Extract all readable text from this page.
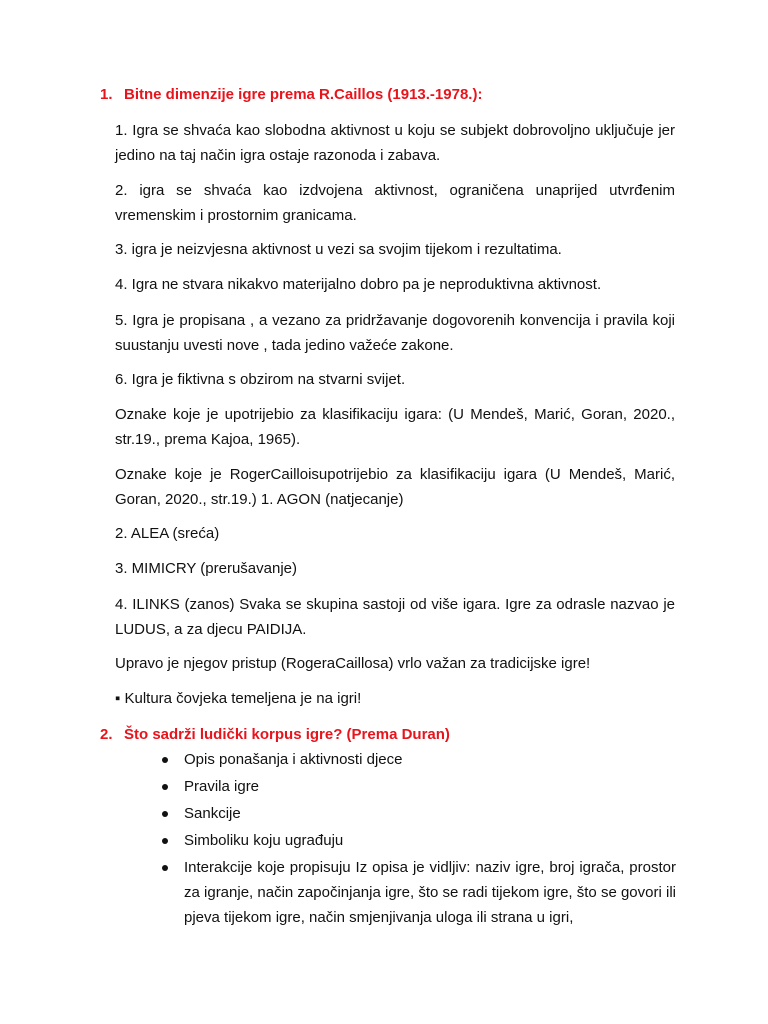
1. Bitne dimenzije igre prema R.Caillos (1913.-1978.):
1. Igra se shvaća kao slobodna aktivnost u koju se subjekt dobrovoljno uključuje jer jedino na taj način igra ostaje razonoda i zabava.
2. igra se shvaća kao izdvojena aktivnost, ograničena unaprijed utvrđenim vremenskim i prostornim granicama.
3. igra je neizvjesna aktivnost u vezi sa svojim tijekom i rezultatima.
4. Igra ne stvara nikakvo materijalno dobro pa je neproduktivna aktivnost.
5. Igra je propisana , a vezano za pridržavanje dogovorenih konvencija i pravila koji suustanju uvesti nove , tada jedino važeće zakone.
6. Igra je fiktivna s obzirom na stvarni svijet.
Oznake koje je upotrijebio za klasifikaciju igara: (U Mendeš, Marić, Goran, 2020., str.19., prema Kajoa, 1965).
Oznake koje je RogerCailloisupotrijebio za klasifikaciju igara (U Mendeš, Marić, Goran, 2020., str.19.) 1. AGON (natjecanje)
2. ALEA (sreća)
3. MIMICRY (prerušavanje)
4. ILINKS (zanos) Svaka se skupina sastoji od više igara. Igre za odrasle nazvao je LUDUS, a za djecu PAIDIJA.
Upravo je njegov pristup (RogeraCaillosa) vrlo važan za tradicijske igre!
▪ Kultura čovjeka temeljena je na igri!
2. Što sadrži ludički korpus igre? (Prema Duran)
Opis ponašanja i aktivnosti djece
Pravila igre
Sankcije
Simboliku koju ugrađuju
Interakcije koje propisuju Iz opisa je vidljiv: naziv igre, broj igrača, prostor za igranje, način započinjanja igre, što se radi tijekom igre, što se govori ili pjeva tijekom igre, način smjenjivanja uloga ili strana u igri,
